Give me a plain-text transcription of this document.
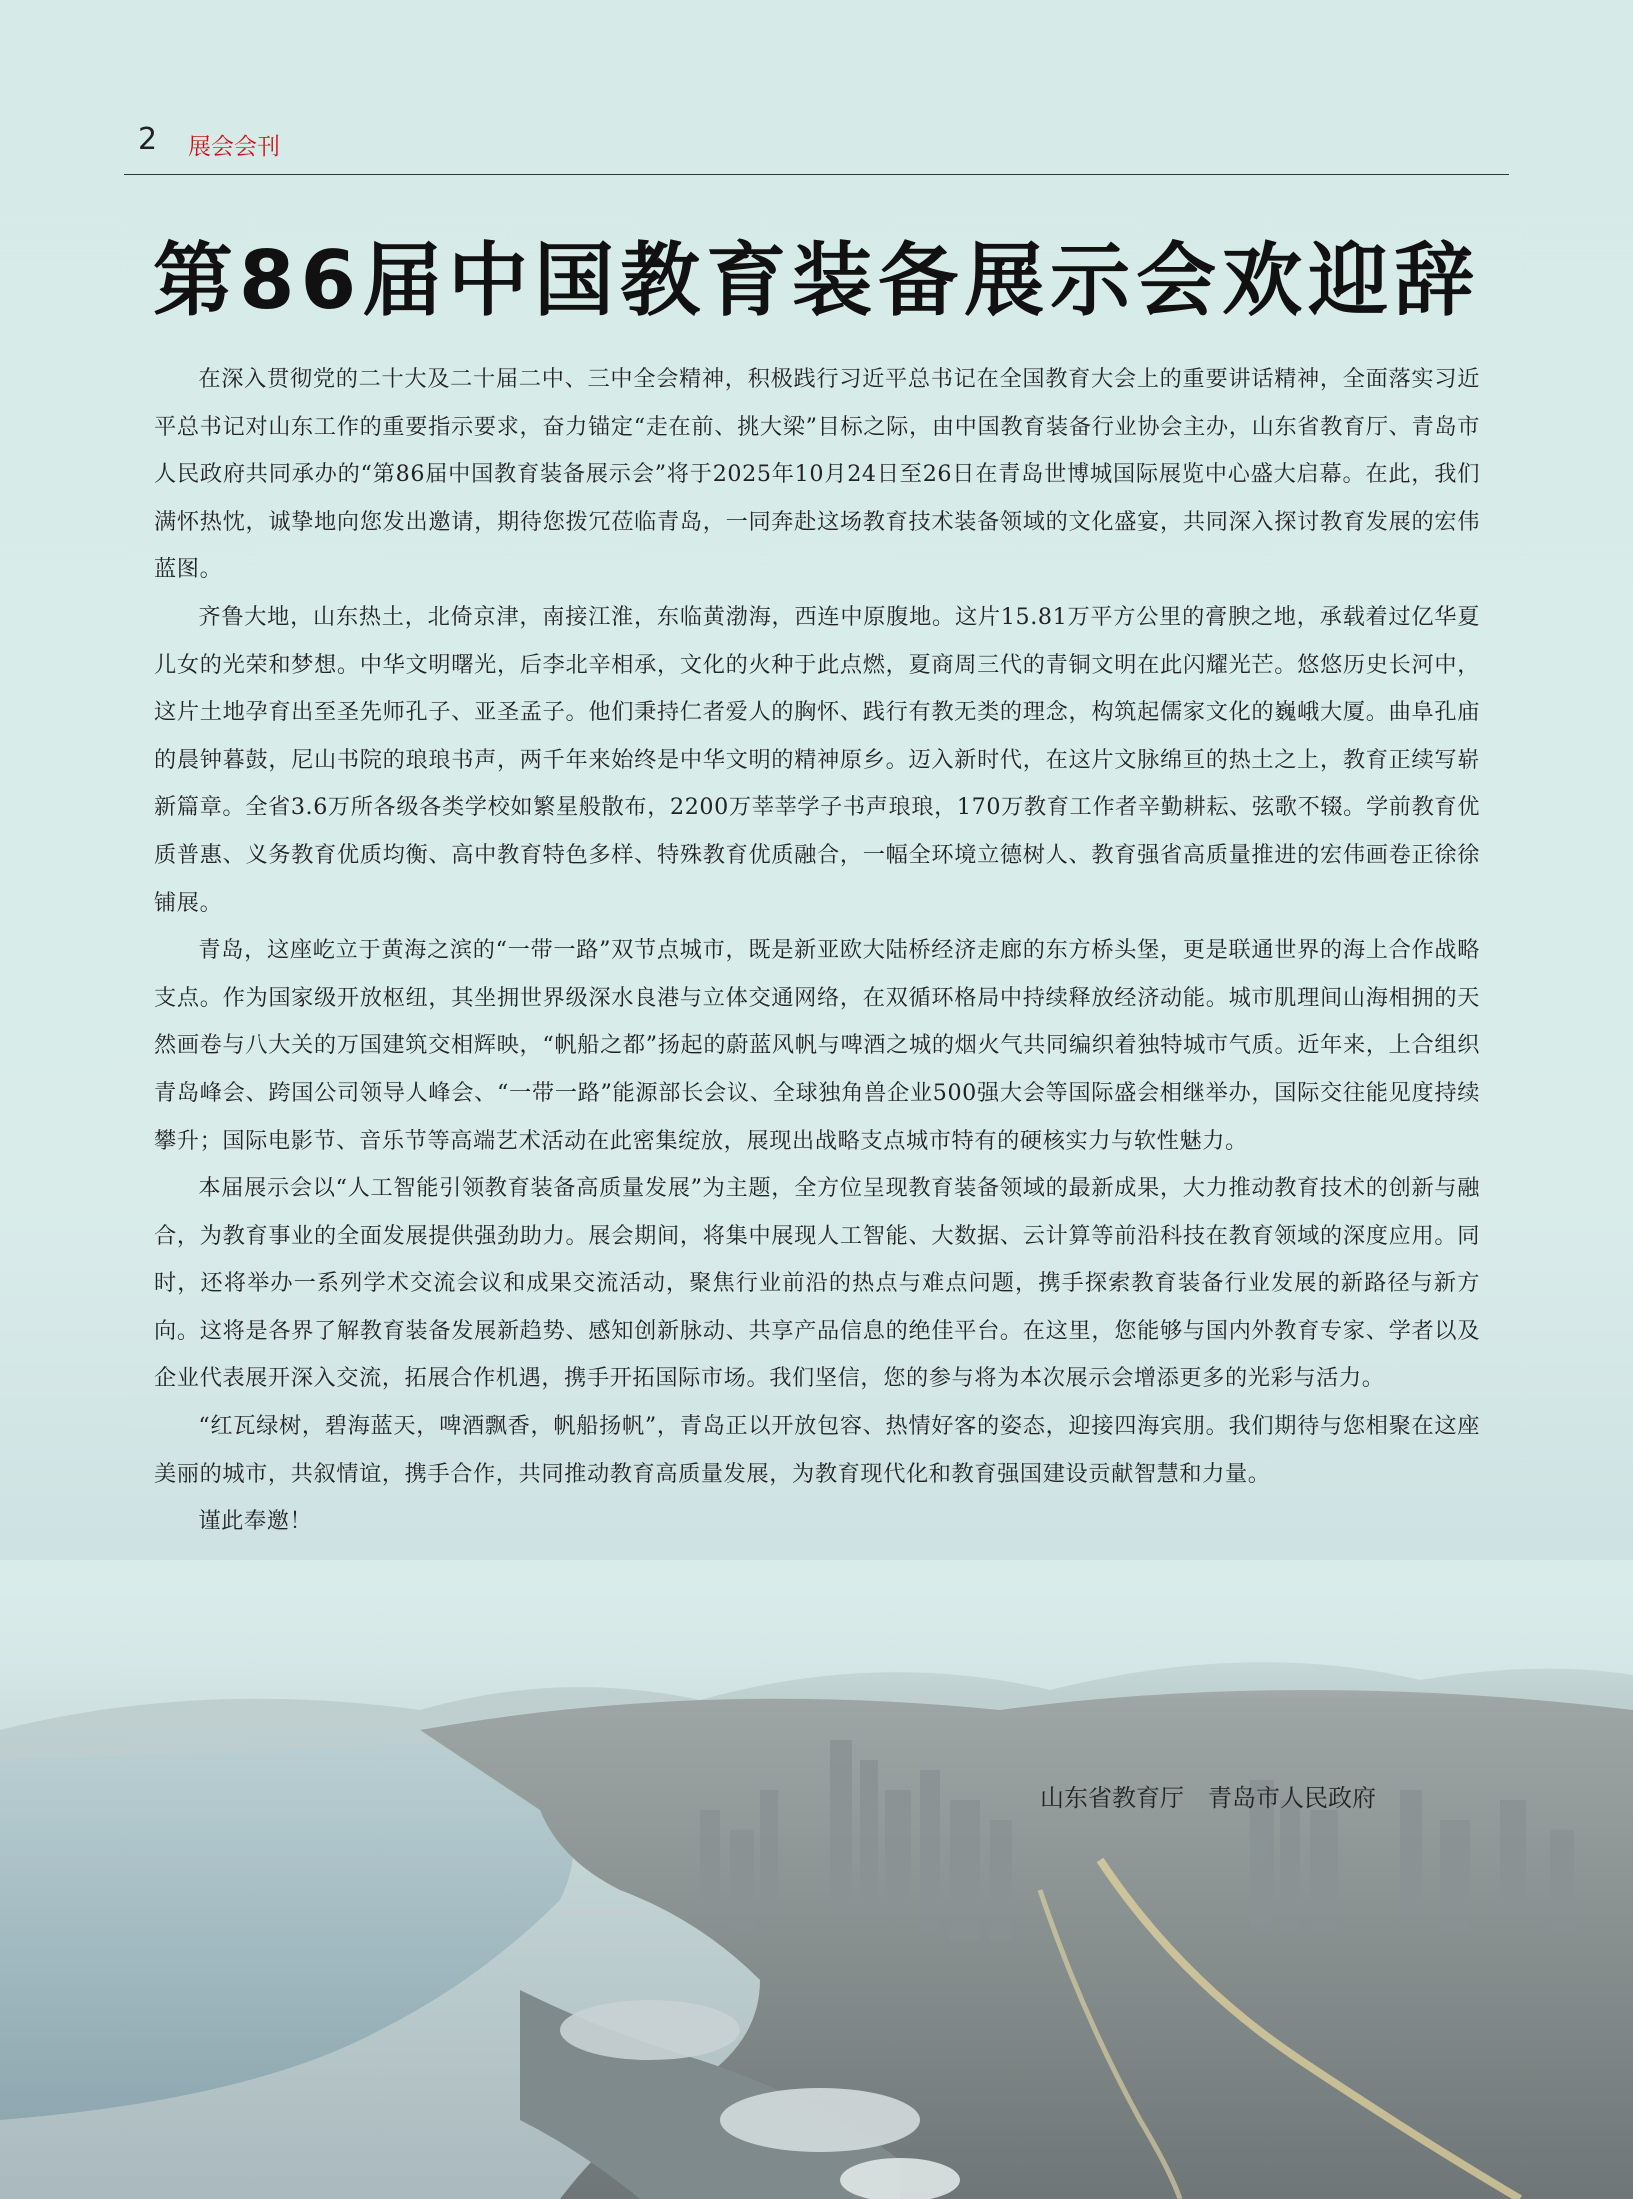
2 展会会刊
第86届中国教育装备展示会欢迎辞

在深入贯彻党的二十大及二十届二中、三中全会精神，积极践行习近平总书记在全国教育大会上的重要讲话精神，全面落实习近平总书记对山东工作的重要指示要求，奋力锚定“走在前、挑大梁”目标之际，由中国教育装备行业协会主办，山东省教育厅、青岛市人民政府共同承办的“第86届中国教育装备展示会”将于2025年10月24日至26日在青岛世博城国际展览中心盛大启幕。在此，我们满怀热忱，诚挚地向您发出邀请，期待您拨冗莅临青岛，一同奔赴这场教育技术装备领域的文化盛宴，共同深入探讨教育发展的宏伟蓝图。

齐鲁大地，山东热土，北倚京津，南接江淮，东临黄渤海，西连中原腹地。这片15.81万平方公里的膏腴之地，承载着过亿华夏儿女的光荣和梦想。中华文明曙光，后李北辛相承，文化的火种于此点燃，夏商周三代的青铜文明在此闪耀光芒。悠悠历史长河中，这片土地孕育出至圣先师孔子、亚圣孟子。他们秉持仁者爱人的胸怀、践行有教无类的理念，构筑起儒家文化的巍峨大厦。曲阜孔庙的晨钟暮鼓，尼山书院的琅琅书声，两千年来始终是中华文明的精神原乡。迈入新时代，在这片文脉绵亘的热土之上，教育正续写崭新篇章。全省3.6万所各级各类学校如繁星般散布，2200万莘莘学子书声琅琅，170万教育工作者辛勤耕耘、弦歌不辍。学前教育优质普惠、义务教育优质均衡、高中教育特色多样、特殊教育优质融合，一幅全环境立德树人、教育强省高质量推进的宏伟画卷正徐徐铺展。

青岛，这座屹立于黄海之滨的“一带一路”双节点城市，既是新亚欧大陆桥经济走廊的东方桥头堡，更是联通世界的海上合作战略支点。作为国家级开放枢纽，其坐拥世界级深水良港与立体交通网络，在双循环格局中持续释放经济动能。城市肌理间山海相拥的天然画卷与八大关的万国建筑交相辉映，“帆船之都”扬起的蔚蓝风帆与啤酒之城的烟火气共同编织着独特城市气质。近年来，上合组织青岛峰会、跨国公司领导人峰会、“一带一路”能源部长会议、全球独角兽企业500强大会等国际盛会相继举办，国际交往能见度持续攀升；国际电影节、音乐节等高端艺术活动在此密集绽放，展现出战略支点城市特有的硬核实力与软性魅力。

本届展示会以“人工智能引领教育装备高质量发展”为主题，全方位呈现教育装备领域的最新成果，大力推动教育技术的创新与融合，为教育事业的全面发展提供强劲助力。展会期间，将集中展现人工智能、大数据、云计算等前沿科技在教育领域的深度应用。同时，还将举办一系列学术交流会议和成果交流活动，聚焦行业前沿的热点与难点问题，携手探索教育装备行业发展的新路径与新方向。这将是各界了解教育装备发展新趋势、感知创新脉动、共享产品信息的绝佳平台。在这里，您能够与国内外教育专家、学者以及企业代表展开深入交流，拓展合作机遇，携手开拓国际市场。我们坚信，您的参与将为本次展示会增添更多的光彩与活力。

“红瓦绿树，碧海蓝天，啤酒飘香，帆船扬帆”，青岛正以开放包容、热情好客的姿态，迎接四海宾朋。我们期待与您相聚在这座美丽的城市，共叙情谊，携手合作，共同推动教育高质量发展，为教育现代化和教育强国建设贡献智慧和力量。

谨此奉邀！

山东省教育厅　青岛市人民政府
